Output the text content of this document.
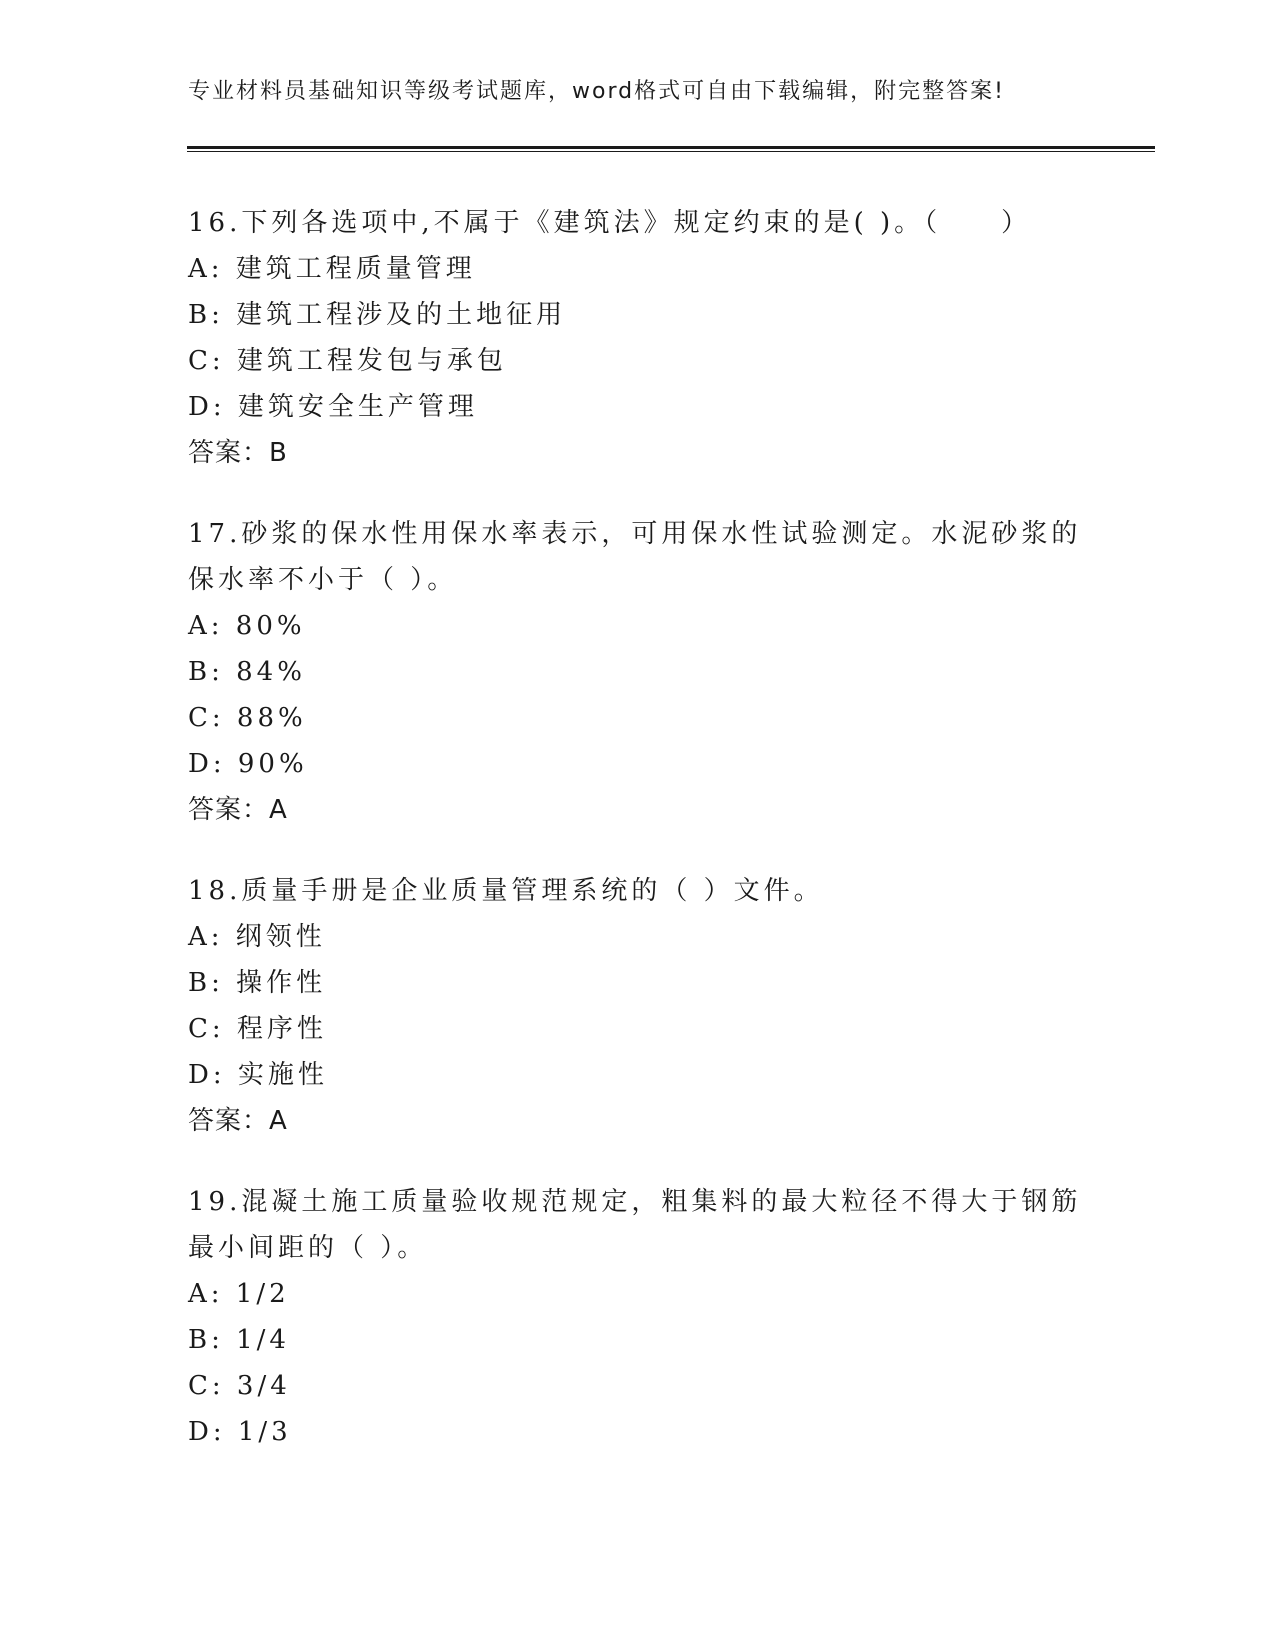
专业材料员基础知识等级考试题库，word格式可自由下载编辑，附完整答案!

16.下列各选项中,不属于《建筑法》规定约束的是( )。（　　）

A: 建筑工程质量管理

B: 建筑工程涉及的土地征用

C: 建筑工程发包与承包

D: 建筑安全生产管理

答案：B

17.砂浆的保水性用保水率表示，可用保水性试验测定。水泥砂浆的保水率不小于（ ）。

A: 80%

B: 84%

C: 88%

D: 90%

答案：A

18.质量手册是企业质量管理系统的（ ）文件。

A: 纲领性

B: 操作性

C: 程序性

D: 实施性

答案：A

19.混凝土施工质量验收规范规定，粗集料的最大粒径不得大于钢筋最小间距的（ ）。

A: 1/2

B: 1/4

C: 3/4

D: 1/3
